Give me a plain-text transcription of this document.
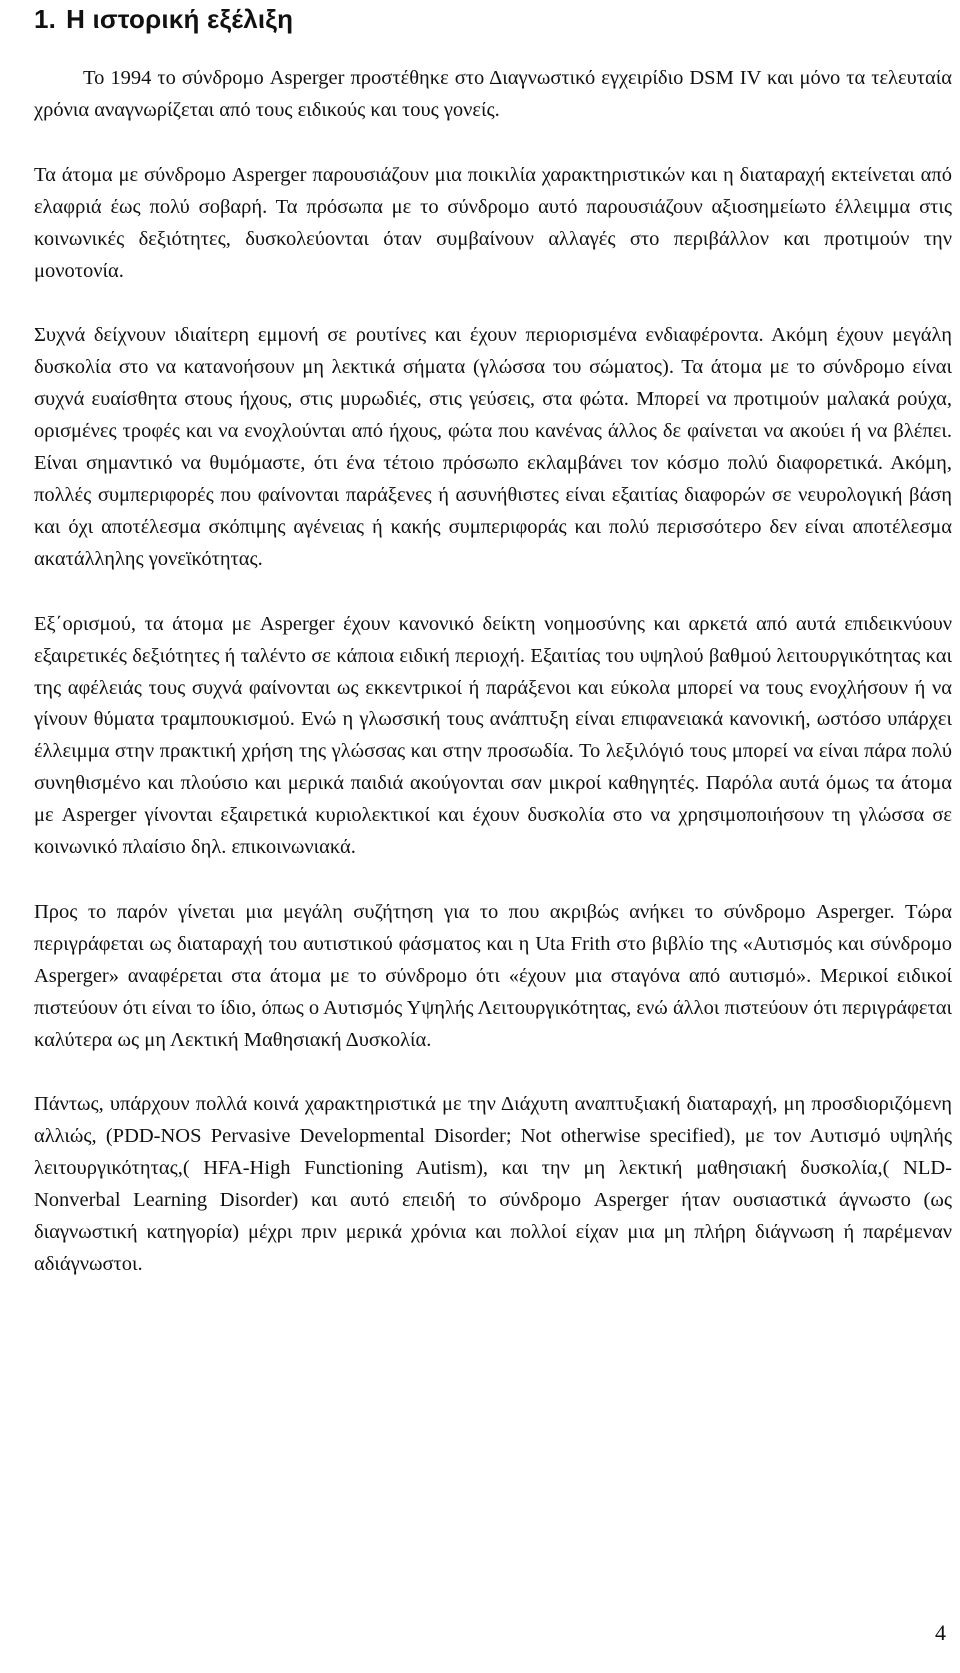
1. Η ιστορική εξέλιξη

Το 1994 το σύνδρομο Asperger προστέθηκε στο Διαγνωστικό εγχειρίδιο DSM IV και μόνο τα τελευταία χρόνια αναγνωρίζεται από τους ειδικούς και τους γονείς.

Τα άτομα με σύνδρομο Asperger παρουσιάζουν μια ποικιλία χαρακτηριστικών και η διαταραχή εκτείνεται από ελαφριά έως πολύ σοβαρή. Τα πρόσωπα με το σύνδρομο αυτό παρουσιάζουν αξιοσημείωτο έλλειμμα στις κοινωνικές δεξιότητες, δυσκολεύονται όταν συμβαίνουν αλλαγές στο περιβάλλον και προτιμούν την μονοτονία.

Συχνά δείχνουν ιδιαίτερη εμμονή σε ρουτίνες και έχουν περιορισμένα ενδιαφέροντα. Ακόμη έχουν μεγάλη δυσκολία στο να κατανοήσουν μη λεκτικά σήματα (γλώσσα του σώματος). Τα άτομα με το σύνδρομο είναι συχνά ευαίσθητα στους ήχους, στις μυρωδιές, στις γεύσεις, στα φώτα. Μπορεί να προτιμούν μαλακά ρούχα, ορισμένες τροφές και να ενοχλούνται από ήχους, φώτα που κανένας άλλος δε φαίνεται να ακούει ή να βλέπει. Είναι σημαντικό να θυμόμαστε, ότι ένα τέτοιο πρόσωπο εκλαμβάνει τον κόσμο πολύ διαφορετικά. Ακόμη, πολλές συμπεριφορές που φαίνονται παράξενες ή ασυνήθιστες είναι εξαιτίας διαφορών σε νευρολογική βάση και όχι αποτέλεσμα σκόπιμης αγένειας ή κακής συμπεριφοράς και πολύ περισσότερο δεν είναι αποτέλεσμα ακατάλληλης γονεϊκότητας.

Εξ΄ορισμού, τα άτομα με Asperger έχουν κανονικό δείκτη νοημοσύνης και αρκετά από αυτά επιδεικνύουν εξαιρετικές δεξιότητες ή ταλέντο σε κάποια ειδική περιοχή. Εξαιτίας του υψηλού βαθμού λειτουργικότητας και της αφέλειάς τους συχνά φαίνονται ως εκκεντρικοί ή παράξενοι και εύκολα μπορεί να τους ενοχλήσουν ή να γίνουν θύματα τραμπουκισμού. Ενώ η γλωσσική τους ανάπτυξη είναι επιφανειακά κανονική, ωστόσο υπάρχει έλλειμμα στην πρακτική χρήση της γλώσσας και στην προσωδία. Το λεξιλόγιό τους μπορεί να είναι πάρα πολύ συνηθισμένο και πλούσιο και μερικά παιδιά ακούγονται σαν μικροί καθηγητές. Παρόλα αυτά όμως τα άτομα με Asperger γίνονται εξαιρετικά κυριολεκτικοί και έχουν δυσκολία στο να χρησιμοποιήσουν τη γλώσσα σε κοινωνικό πλαίσιο δηλ. επικοινωνιακά.

Προς το παρόν γίνεται μια μεγάλη συζήτηση για το που ακριβώς ανήκει το σύνδρομο Asperger. Τώρα περιγράφεται ως διαταραχή του αυτιστικού φάσματος και η Uta Frith στο βιβλίο της «Αυτισμός και σύνδρομο Asperger» αναφέρεται στα άτομα με το σύνδρομο ότι «έχουν μια σταγόνα από αυτισμό». Μερικοί ειδικοί πιστεύουν ότι είναι το ίδιο, όπως ο Αυτισμός Υψηλής Λειτουργικότητας, ενώ άλλοι πιστεύουν ότι περιγράφεται καλύτερα ως μη Λεκτική Μαθησιακή Δυσκολία.

Πάντως, υπάρχουν πολλά κοινά χαρακτηριστικά με την Διάχυτη αναπτυξιακή διαταραχή, μη προσδιοριζόμενη αλλιώς, (PDD-NOS Pervasive Developmental Disorder; Not otherwise specified), με τον Αυτισμό υψηλής λειτουργικότητας,( HFA-High Functioning Autism), και την μη λεκτική μαθησιακή δυσκολία,( NLD-Nonverbal Learning Disorder) και αυτό επειδή το σύνδρομο Asperger ήταν ουσιαστικά άγνωστο (ως διαγνωστική κατηγορία) μέχρι πριν μερικά χρόνια και πολλοί είχαν μια μη πλήρη διάγνωση ή παρέμεναν αδιάγνωστοι.

4
